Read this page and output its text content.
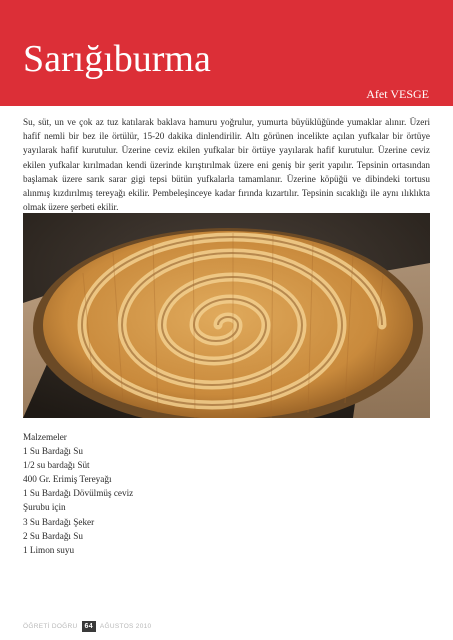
Sarığıburma
Afet VESGE

Su, süt, un ve çok az tuz katılarak baklava hamuru yoğrulur, yumurta büyüklüğünde yumaklar alınır. Üzeri hafif nemli bir bez ile örtülür, 15-20 dakika dinlendirilir. Altı görünen incelikte açılan yufkalar bir örtüye yayılarak hafif kurutulur. Üzerine ceviz ekilen yufkalar bir örtüye yayılarak hafif kurutulur. Üzerine ceviz ekilen yufkalar kırılmadan kendi üzerinde kırıştırılmak üzere eni geniş bir şerit yapılır. Tepsinin ortasından başlamak üzere sarık sarar gigi tepsi bütün yufkalarla tamamlanır. Üzerine köpüğü ve dibindeki tortusu alınmış kızdırılmış tereyağı ekilir. Pembeleşinceye kadar fırında kızartılır. Tepsinin sıcaklığı ile aynı ılıklıkta olmak üzere şerbeti ekilir.

Malzemeler
1 Su Bardağı Su
1/2 su bardağı Süt
400 Gr. Erimiş Tereyağı
1 Su Bardağı Dövülmüş ceviz
Şurubu için
3 Su Bardağı Şeker
2 Su Bardağı Su
1 Limon suyu
ÖĞRETİ DOĞRU	64	AĞUSTOS 2010
